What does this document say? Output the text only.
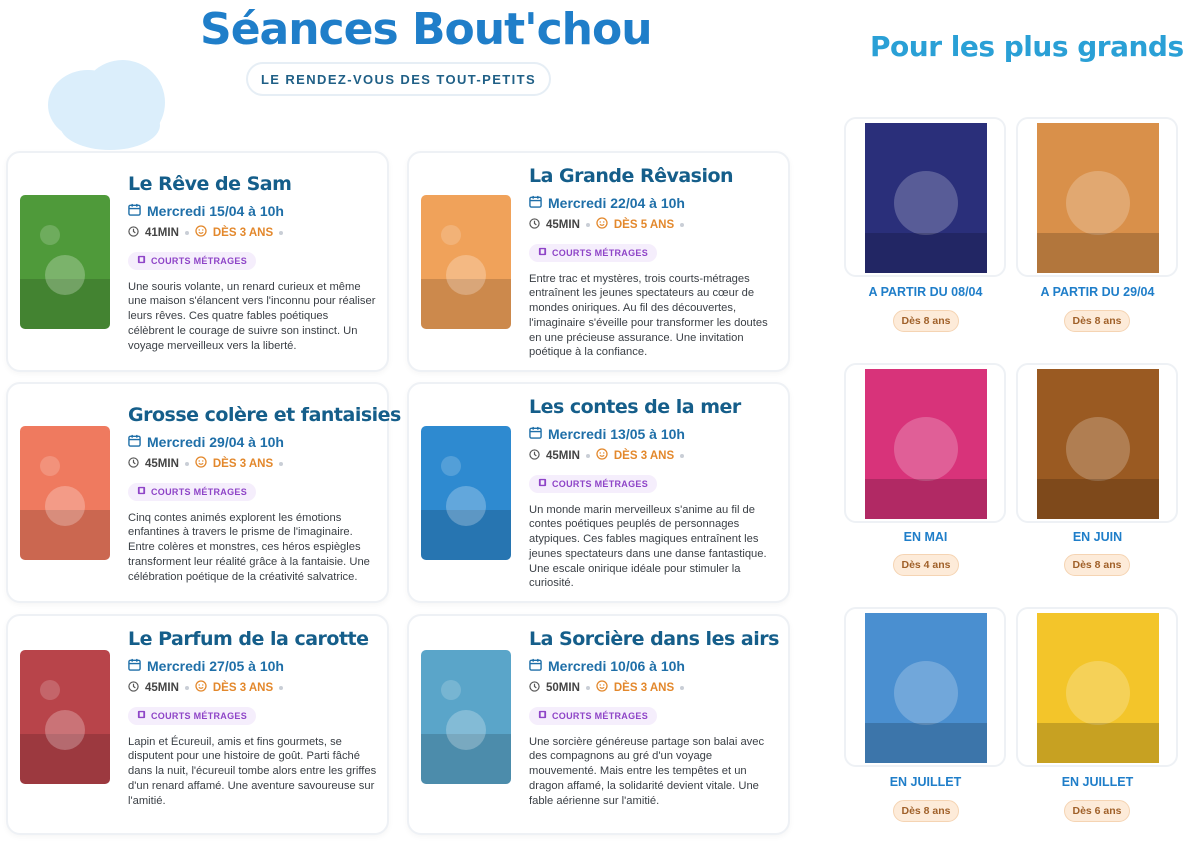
Séances Bout'chou
LE RENDEZ-VOUS DES TOUT-PETITS
Pour les plus grands
Le Rêve de Sam
Mercredi 15/04 à 10h
41MIN	DÈS 3 ANS
COURTS MÉTRAGES
Une souris volante, un renard curieux et même une maison s'élancent vers l'inconnu pour réaliser leurs rêves. Ces quatre fables poétiques célèbrent le courage de suivre son instinct. Un voyage merveilleux vers la liberté.
La Grande Rêvasion
Mercredi 22/04 à 10h
45MIN	DÈS 5 ANS
COURTS MÉTRAGES
Entre trac et mystères, trois courts-métrages entraînent les jeunes spectateurs au cœur de mondes oniriques. Au fil des découvertes, l'imaginaire s'éveille pour transformer les doutes en une précieuse assurance. Une invitation poétique à la confiance.
Grosse colère et fantaisies
Mercredi 29/04 à 10h
45MIN	DÈS 3 ANS
COURTS MÉTRAGES
Cinq contes animés explorent les émotions enfantines à travers le prisme de l'imaginaire. Entre colères et monstres, ces héros espiègles transforment leur réalité grâce à la fantaisie. Une célébration poétique de la créativité salvatrice.
Les contes de la mer
Mercredi 13/05 à 10h
45MIN	DÈS 3 ANS
COURTS MÉTRAGES
Un monde marin merveilleux s'anime au fil de contes poétiques peuplés de personnages atypiques. Ces fables magiques entraînent les jeunes spectateurs dans une danse fantastique. Une escale onirique idéale pour stimuler la curiosité.
Le Parfum de la carotte
Mercredi 27/05 à 10h
45MIN	DÈS 3 ANS
COURTS MÉTRAGES
Lapin et Écureuil, amis et fins gourmets, se disputent pour une histoire de goût. Parti fâché dans la nuit, l'écureuil tombe alors entre les griffes d'un renard affamé. Une aventure savoureuse sur l'amitié.
La Sorcière dans les airs
Mercredi 10/06 à 10h
50MIN	DÈS 3 ANS
COURTS MÉTRAGES
Une sorcière généreuse partage son balai avec des compagnons au gré d'un voyage mouvementé. Mais entre les tempêtes et un dragon affamé, la solidarité devient vitale. Une fable aérienne sur l'amitié.
A PARTIR DU 08/04
Dès 8 ans
A PARTIR DU 29/04
Dès 8 ans
EN MAI
Dès 4 ans
EN JUIN
Dès 8 ans
EN JUILLET
Dès 8 ans
EN JUILLET
Dès 6 ans
